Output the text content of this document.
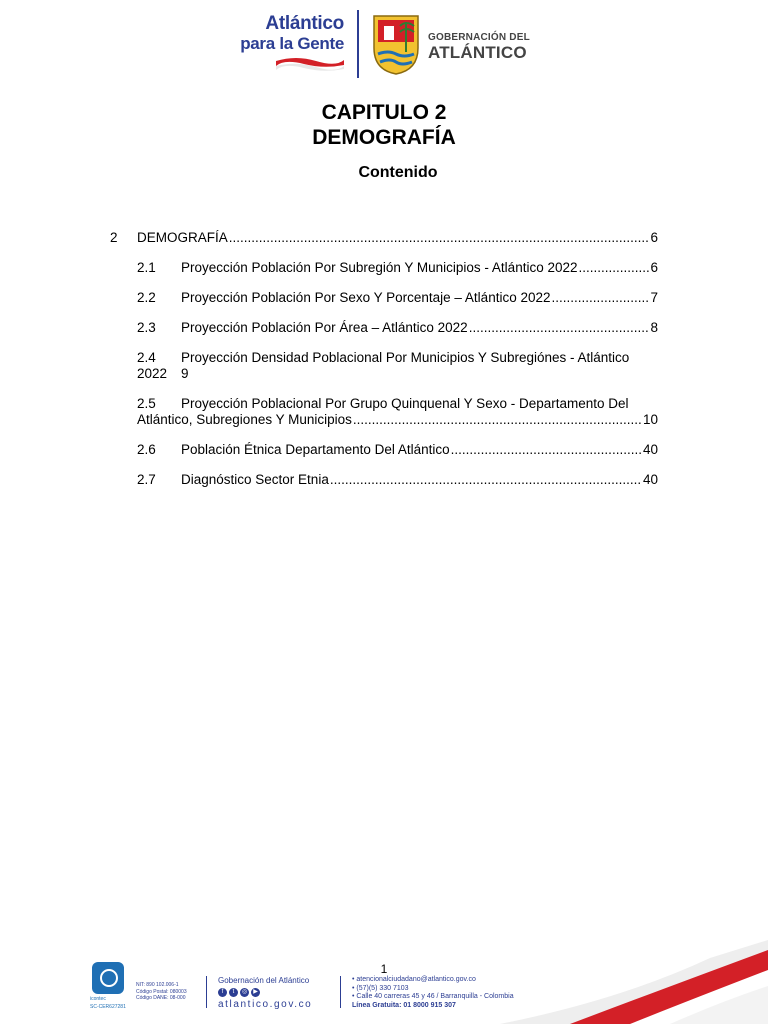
Atlántico
para la Gente	GOBERNACIÓN DEL
ATLÁNTICO
CAPITULO 2
DEMOGRAFÍA
Contenido
2	DEMOGRAFÍA .....	6
2.1	Proyección Población Por Subregión Y Municipios - Atlántico 2022 .....	6
2.2	Proyección Población Por Sexo Y Porcentaje – Atlántico 2022 .....	7
2.3	Proyección Población Por Área – Atlántico 2022 .....	8
2.4	Proyección Densidad Poblacional Por Municipios Y Subregiónes - Atlántico
2022	9
2.5	Proyección Poblacional Por Grupo Quinquenal Y Sexo - Departamento Del
Atlántico, Subregiones Y Municipios .....	10
2.6	Población Étnica Departamento Del Atlántico .....	40
2.7	Diagnóstico Sector Etnia .....	40
1
icontec
SC-CER627281
NIT: 890 102.006-1
Código Postal: 080003
Código DANE: 08-000
Gobernación del Atlántico
f	t	◎	▶
atlantico.gov.co
• atencionalciudadano@atlantico.gov.co
• (57)(5) 330 7103
• Calle 40 carreras 45 y 46 / Barranquilla - Colombia
Línea Gratuita: 01 8000 915 307
